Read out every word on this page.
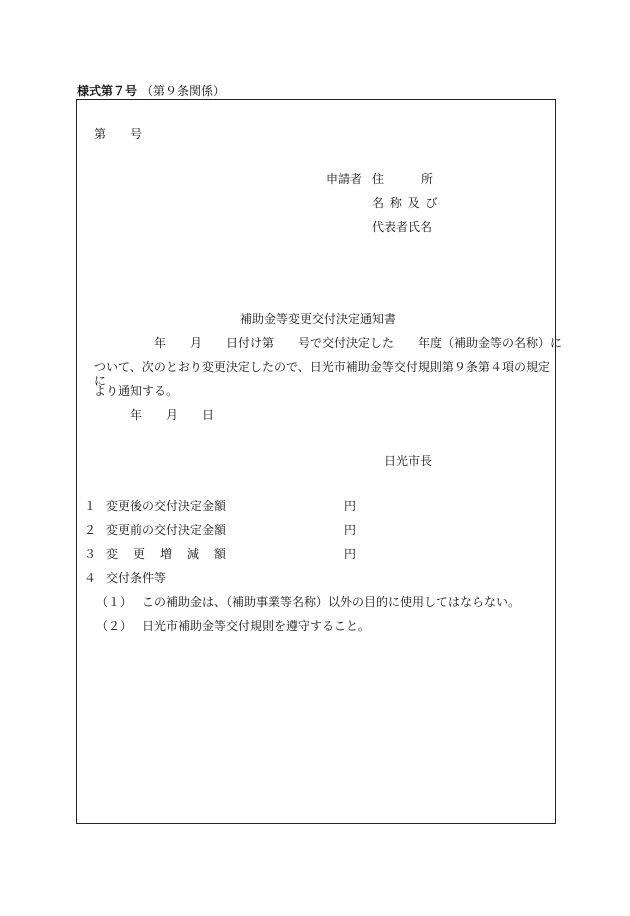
様式第７号 （第９条関係）
第　　号
申請者 住　　所
名 称 及 び
代表者氏名
補助金等変更交付決定通知書
年　　月　　日付け第　　号で交付決定した　　年度（補助金等の名称）に
ついて、次のとおり変更決定したので、日光市補助金等交付規則第９条第４項の規定に
より通知する。
年　　月　　日
日光市長
１ 変更後の交付決定金額	円
２ 変更前の交付決定金額	円
３ 変更増減額	円
４ 交付条件等
（１） この補助金は、（補助事業等名称）以外の目的に使用してはならない。
（２） 日光市補助金等交付規則を遵守すること。
